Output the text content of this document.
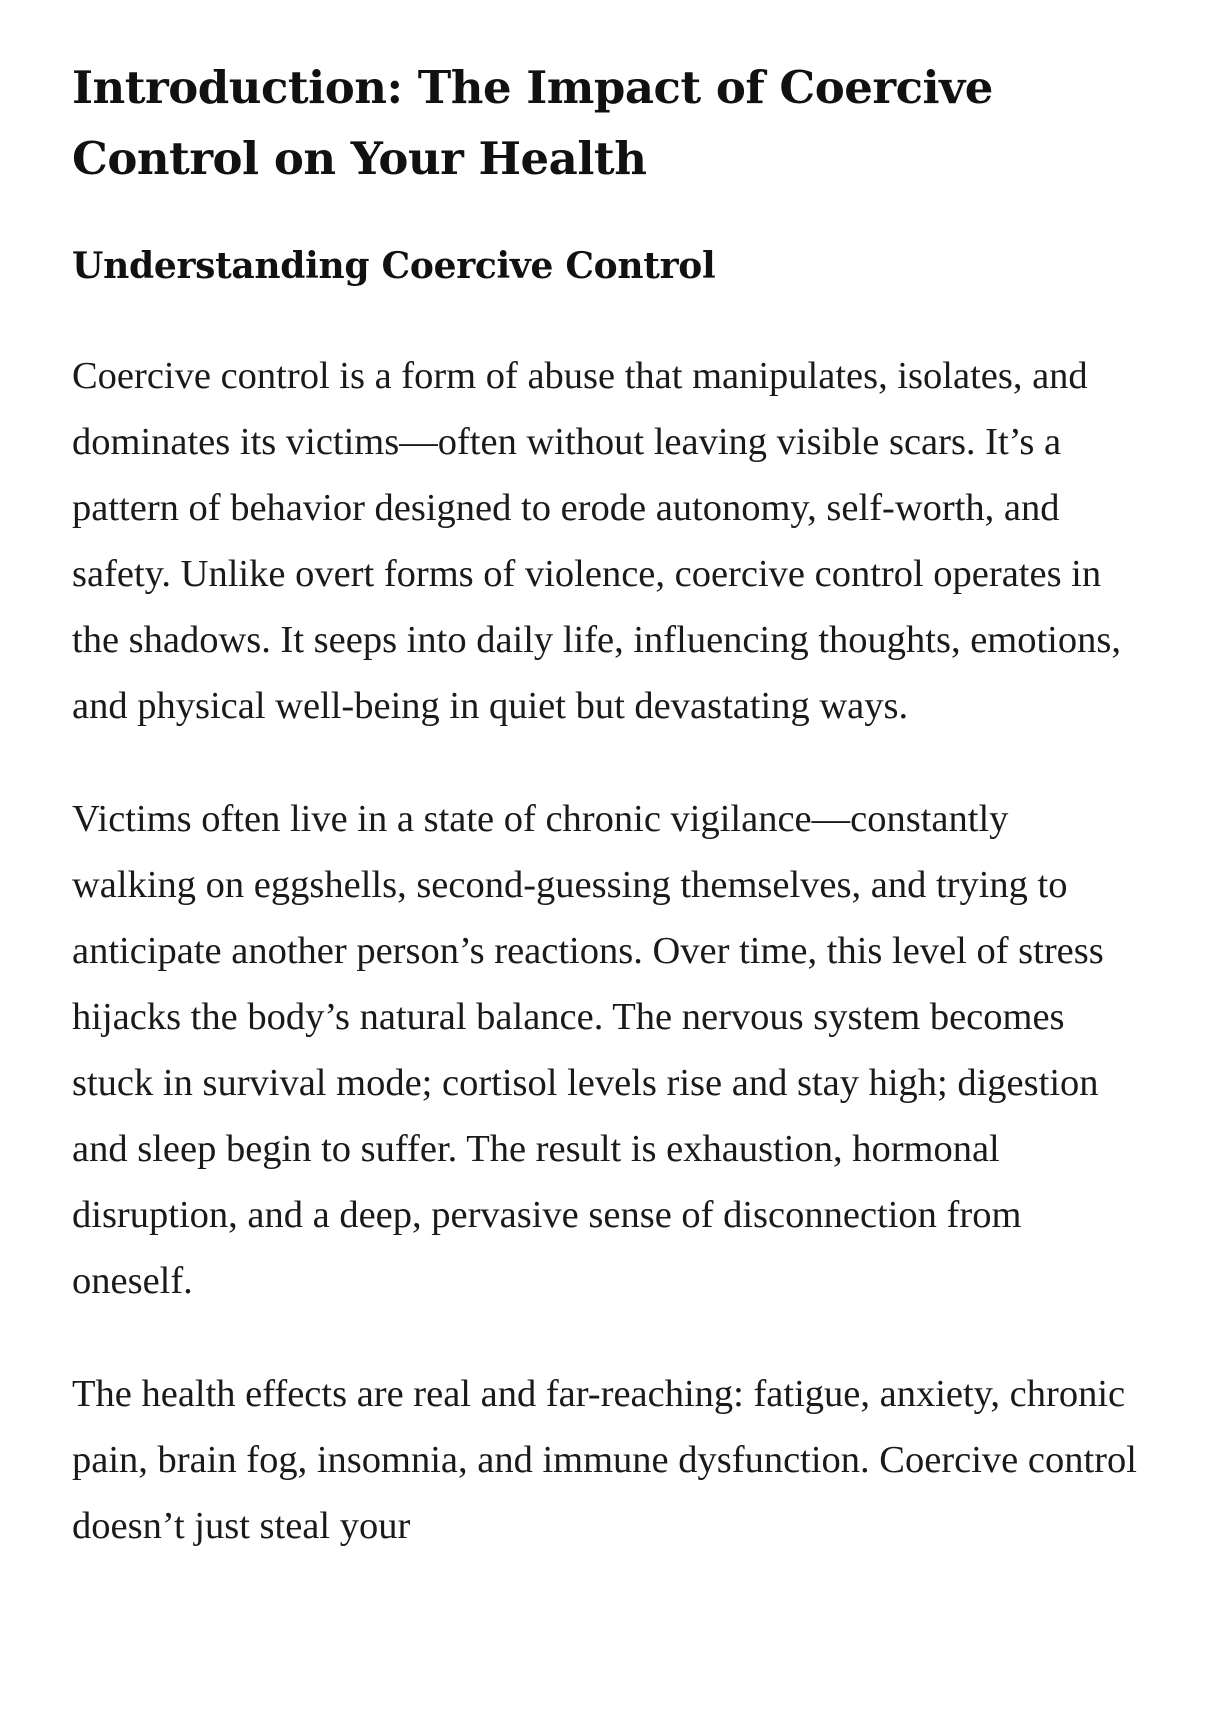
Introduction: The Impact of Coercive Control on Your Health
Understanding Coercive Control

Coercive control is a form of abuse that manipulates, isolates, and dominates its victims—often without leaving visible scars. It’s a pattern of behavior designed to erode autonomy, self-worth, and safety. Unlike overt forms of violence, coercive control operates in the shadows. It seeps into daily life, influencing thoughts, emotions, and physical well-being in quiet but devastating ways.

Victims often live in a state of chronic vigilance—constantly walking on eggshells, second-guessing themselves, and trying to anticipate another person’s reactions. Over time, this level of stress hijacks the body’s natural balance. The nervous system becomes stuck in survival mode; cortisol levels rise and stay high; digestion and sleep begin to suffer. The result is exhaustion, hormonal disruption, and a deep, pervasive sense of disconnection from oneself.

The health effects are real and far-reaching: fatigue, anxiety, chronic pain, brain fog, insomnia, and immune dysfunction. Coercive control doesn’t just steal your
